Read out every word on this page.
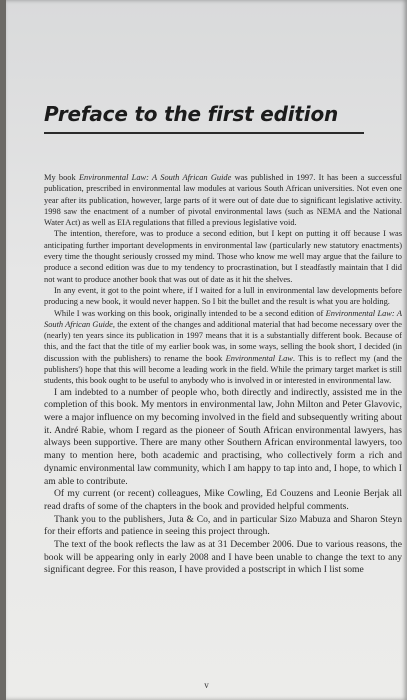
Preface to the first edition

My book Environmental Law: A South African Guide was published in 1997. It has been a successful publication, prescribed in environmental law modules at various South African universities. Not even one year after its publication, however, large parts of it were out of date due to significant legislative activity. 1998 saw the enactment of a number of pivotal environmental laws (such as NEMA and the National Water Act) as well as EIA regulations that filled a previous legislative void.

The intention, therefore, was to produce a second edition, but I kept on putting it off because I was anticipating further important developments in environmental law (particularly new statutory enactments) every time the thought seriously crossed my mind. Those who know me well may argue that the failure to produce a second edition was due to my tendency to procrastination, but I steadfastly maintain that I did not want to produce another book that was out of date as it hit the shelves.

In any event, it got to the point where, if I waited for a lull in environmental law developments before producing a new book, it would never happen. So I bit the bullet and the result is what you are holding.

While I was working on this book, originally intended to be a second edition of Environmental Law: A South African Guide, the extent of the changes and additional material that had become necessary over the (nearly) ten years since its publication in 1997 means that it is a substantially different book. Because of this, and the fact that the title of my earlier book was, in some ways, selling the book short, I decided (in discussion with the publishers) to rename the book Environmental Law. This is to reflect my (and the publishers') hope that this will become a leading work in the field. While the primary target market is still students, this book ought to be useful to anybody who is involved in or interested in environmental law.

I am indebted to a number of people who, both directly and indirectly, assisted me in the completion of this book. My mentors in environmental law, John Milton and Peter Glavovic, were a major influence on my becoming involved in the field and subsequently writing about it. André Rabie, whom I regard as the pioneer of South African environmental lawyers, has always been supportive. There are many other Southern African environmental lawyers, too many to mention here, both academic and practising, who collectively form a rich and dynamic environmental law community, which I am happy to tap into and, I hope, to which I am able to contribute.

Of my current (or recent) colleagues, Mike Cowling, Ed Couzens and Leonie Berjak all read drafts of some of the chapters in the book and provided helpful comments.

Thank you to the publishers, Juta & Co, and in particular Sizo Mabuza and Sharon Steyn for their efforts and patience in seeing this project through.

The text of the book reflects the law as at 31 December 2006. Due to various reasons, the book will be appearing only in early 2008 and I have been unable to change the text to any significant degree. For this reason, I have provided a postscript in which I list some

v
